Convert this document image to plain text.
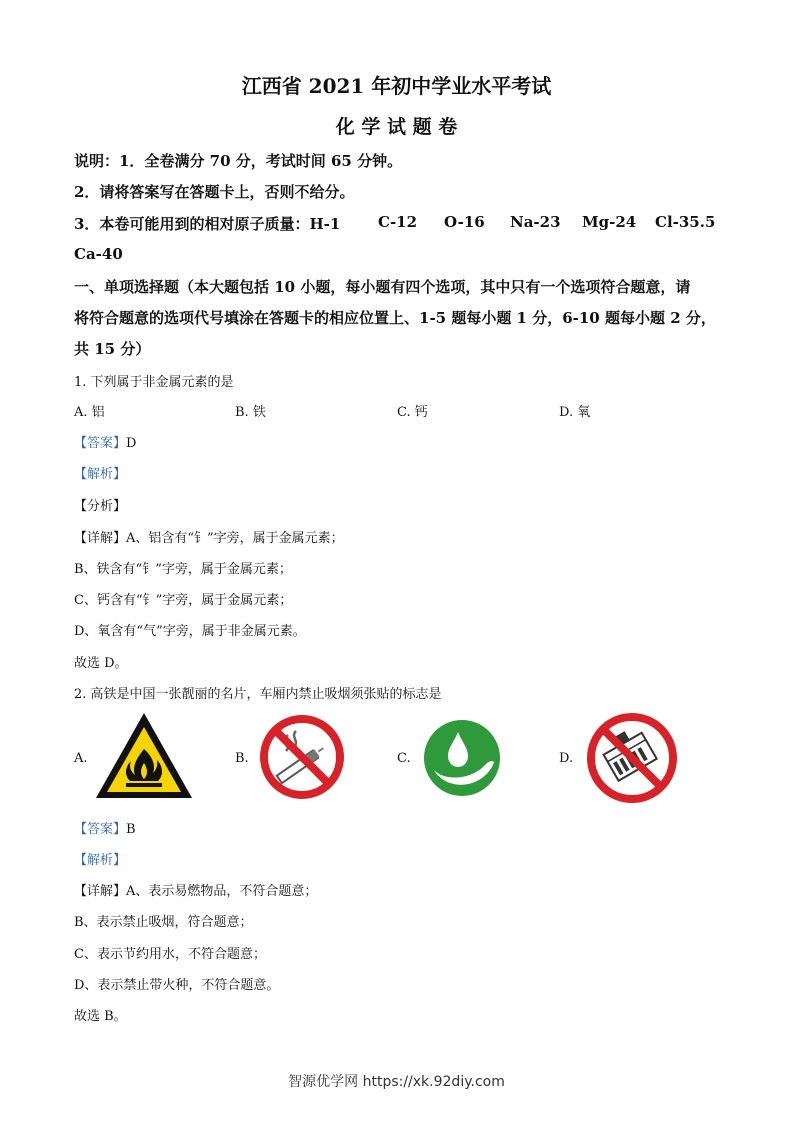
江西省 2021 年初中学业水平考试
化 学 试 题 卷
说明：1．全卷满分 70 分，考试时间 65 分钟。
2．请将答案写在答题卡上，否则不给分。
3．本卷可能用到的相对原子质量：H-1	C-12 O-16 Na-23 Mg-24 Cl-35.5
Ca-40
一、单项选择题（本大题包括 10 小题，每小题有四个选项，其中只有一个选项符合题意，请
将符合题意的选项代号填涂在答题卡的相应位置上、1-5 题每小题 1 分，6-10 题每小题 2 分，
共 15 分）
1. 下列属于非金属元素的是
A. 铝	B. 铁	C. 钙	D. 氧
【答案】D
【解析】
【分析】
【详解】A、铝含有“钅”字旁，属于金属元素；
B、铁含有“钅”字旁，属于金属元素；
C、钙含有“钅”字旁，属于金属元素；
D、氧含有“气”字旁，属于非金属元素。
故选 D。
2. 高铁是中国一张靓丽的名片，车厢内禁止吸烟须张贴的标志是
A.	B.	C.	D.
【答案】B
【解析】
【详解】A、表示易燃物品，不符合题意；
B、表示禁止吸烟，符合题意；
C、表示节约用水，不符合题意；
D、表示禁止带火种，不符合题意。
故选 B。
智源优学网 https://xk.92diy.com
